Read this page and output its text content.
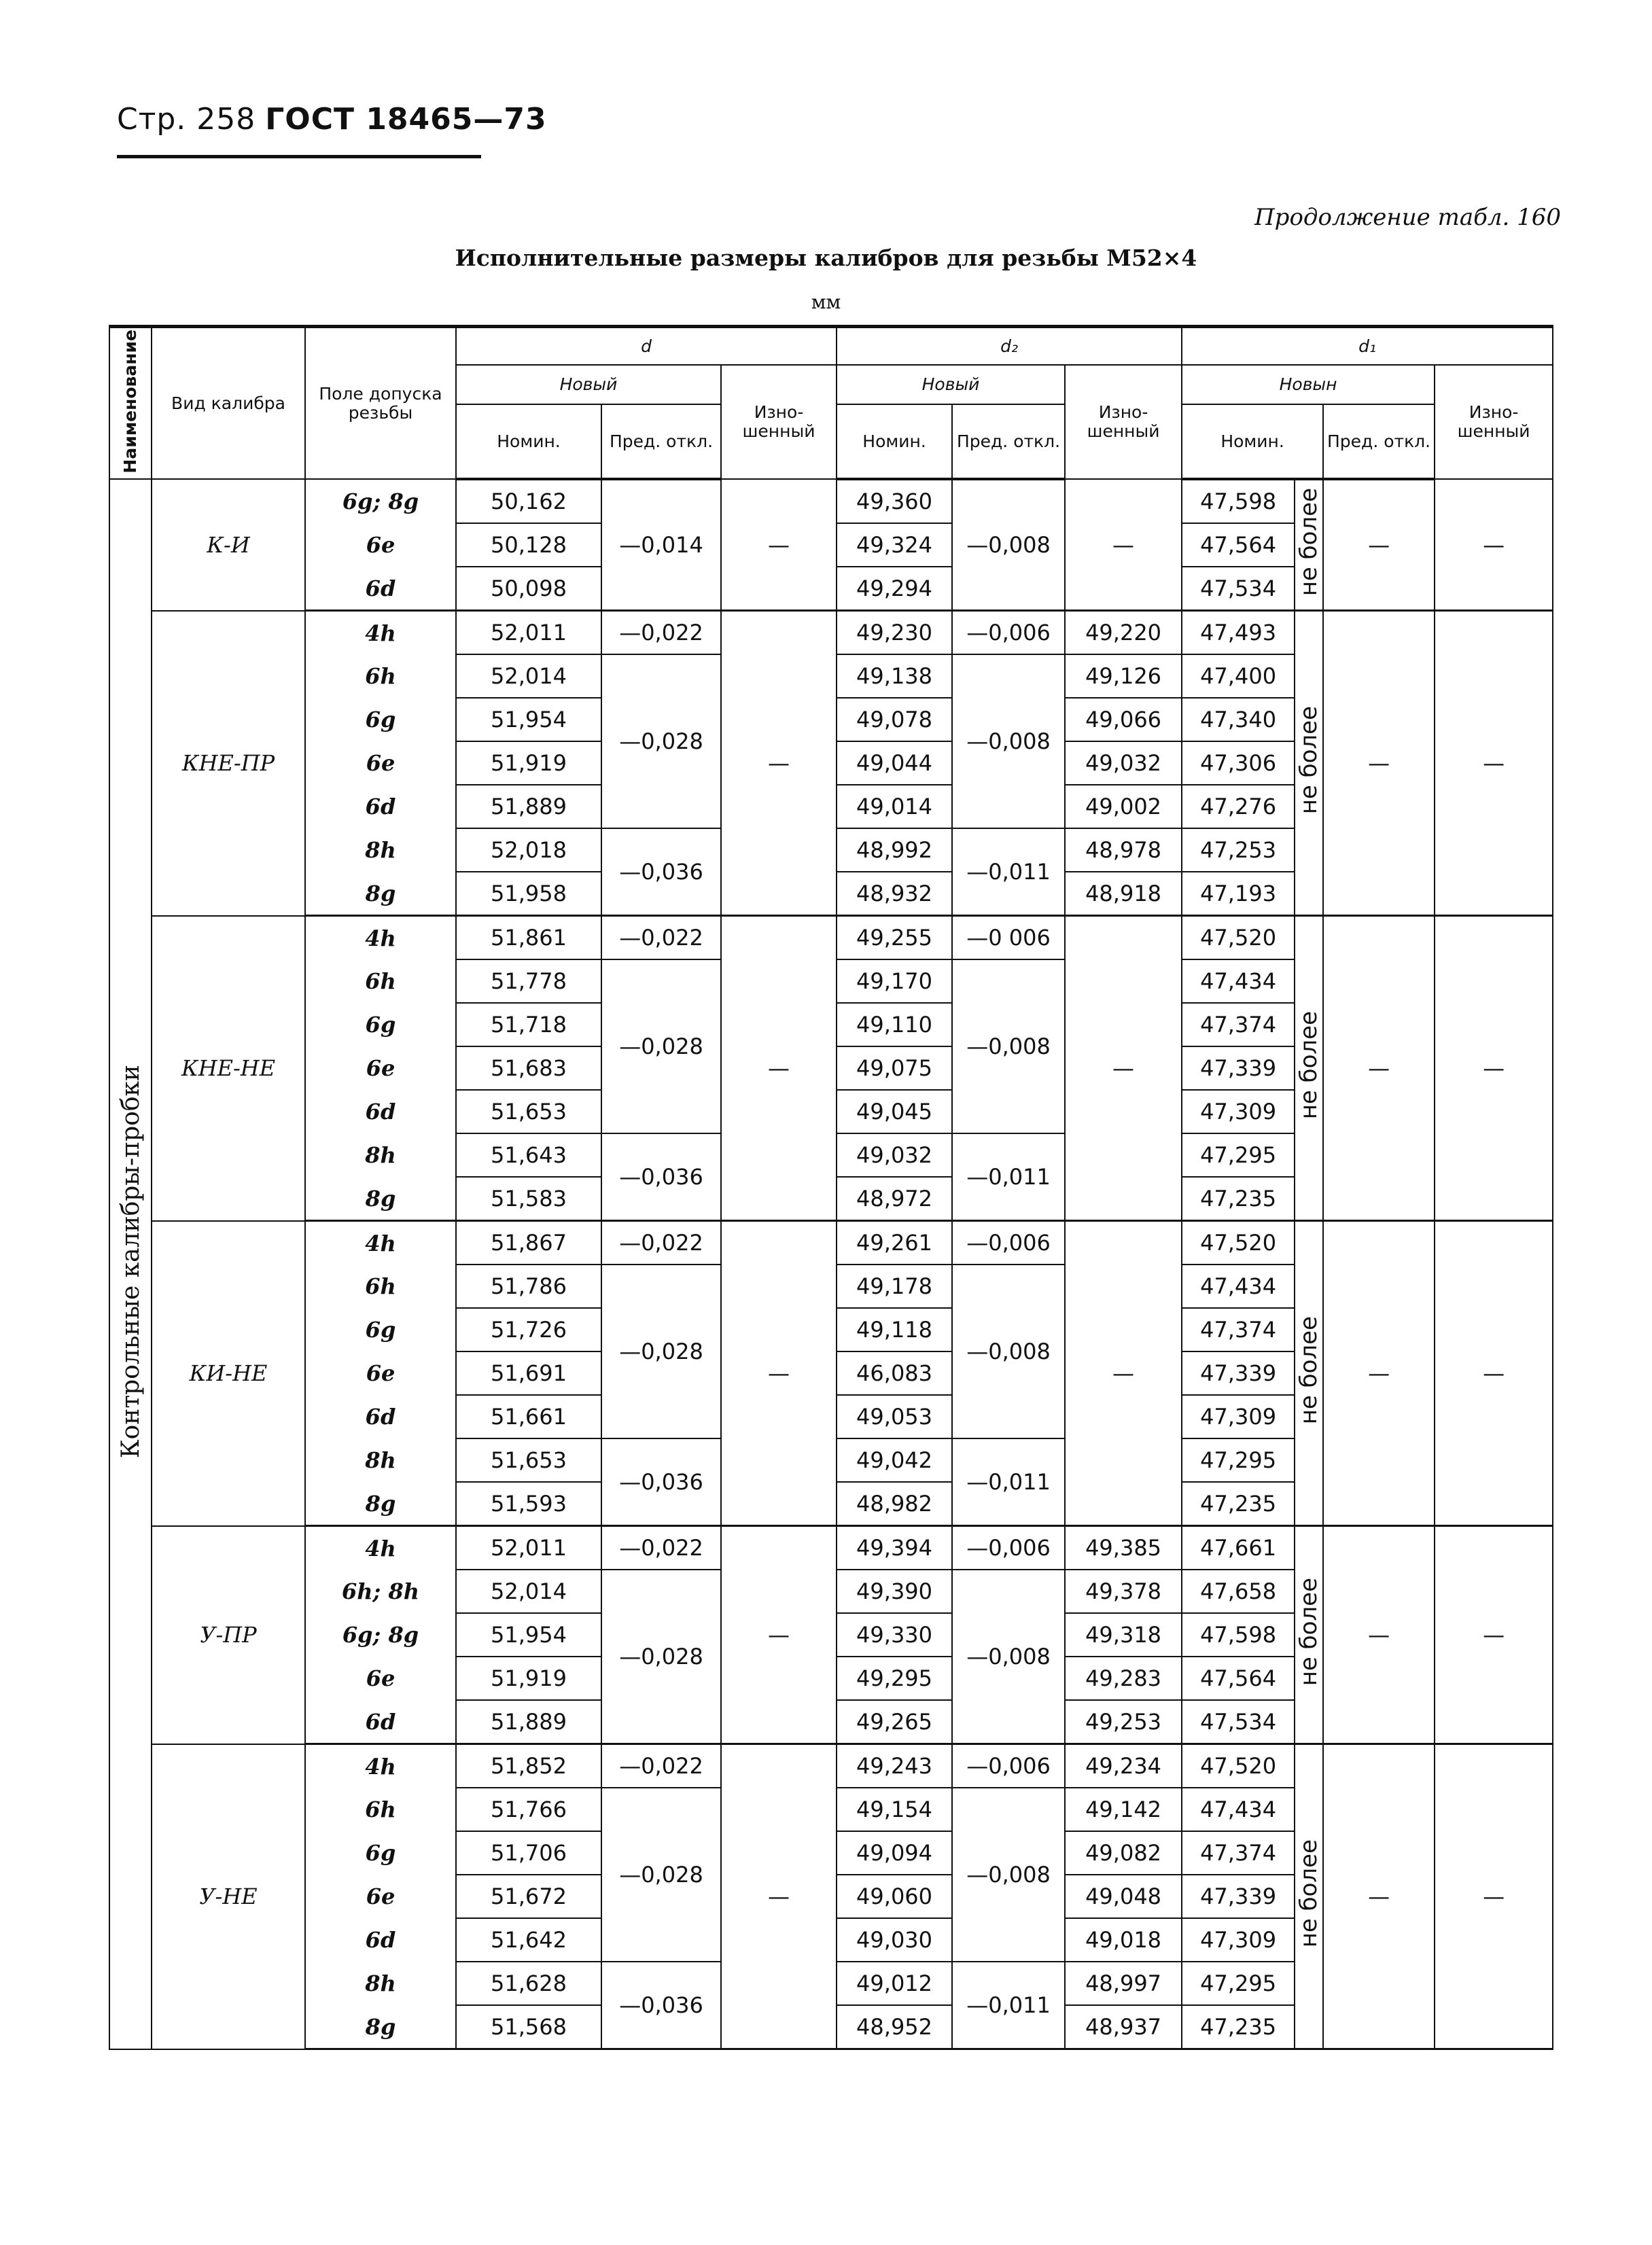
Стр. 258 ГОСТ 18465—73
Продолжение табл. 160
Исполнительные размеры калибров для резьбы М52×4
мм
Наименование	Вид калибра	Поле допуска резьбы	d			d₂			d₁			
			Новый		Изно-шенный	Новый		Изно-шенный	Новын			Изно-шенный
			Номин.	Пред. откл.		Номин.	Пред. откл.		Номин.		Пред. откл.	
Контрольные калибры-пробки	К-И	6g; 8g	50,162	—0,014	—	49,360	—0,008	—	47,598	не более	—	—
		6e	50,128			49,324			47,564			
		6d	50,098			49,294			47,534			
	КНЕ-ПР	4h	52,011	—0,022	—	49,230	—0,006	49,220	47,493	не более	—	—
		6h	52,014	—0,028		49,138	—0,008	49,126	47,400			
		6g	51,954			49,078		49,066	47,340			
		6e	51,919			49,044		49,032	47,306			
		6d	51,889			49,014		49,002	47,276			
		8h	52,018	—0,036		48,992	—0,011	48,978	47,253			
		8g	51,958			48,932		48,918	47,193			
	КНЕ-НЕ	4h	51,861	—0,022	—	49,255	—0 006	—	47,520	не более	—	—
		6h	51,778	—0,028		49,170	—0,008		47,434			
		6g	51,718			49,110			47,374			
		6e	51,683			49,075			47,339			
		6d	51,653			49,045			47,309			
		8h	51,643	—0,036		49,032	—0,011		47,295			
		8g	51,583			48,972			47,235			
	КИ-НЕ	4h	51,867	—0,022	—	49,261	—0,006	—	47,520	не более	—	—
		6h	51,786	—0,028		49,178	—0,008		47,434			
		6g	51,726			49,118			47,374			
		6e	51,691			46,083			47,339			
		6d	51,661			49,053			47,309			
		8h	51,653	—0,036		49,042	—0,011		47,295			
		8g	51,593			48,982			47,235			
	У-ПР	4h	52,011	—0,022	—	49,394	—0,006	49,385	47,661	не более	—	—
		6h; 8h	52,014	—0,028		49,390	—0,008	49,378	47,658			
		6g; 8g	51,954			49,330		49,318	47,598			
		6e	51,919			49,295		49,283	47,564			
		6d	51,889			49,265		49,253	47,534			
	У-НЕ	4h	51,852	—0,022	—	49,243	—0,006	49,234	47,520	не более	—	—
		6h	51,766	—0,028		49,154	—0,008	49,142	47,434			
		6g	51,706			49,094		49,082	47,374			
		6e	51,672			49,060		49,048	47,339			
		6d	51,642			49,030		49,018	47,309			
		8h	51,628	—0,036		49,012	—0,011	48,997	47,295			
		8g	51,568			48,952		48,937	47,235			
